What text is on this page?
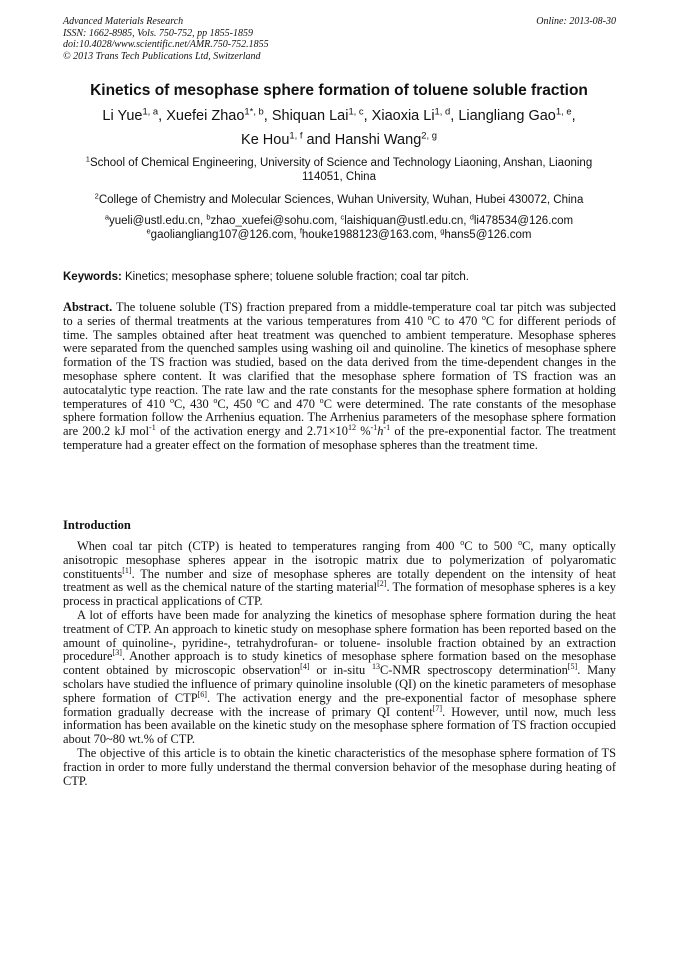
Advanced Materials Research
ISSN: 1662-8985, Vols. 750-752, pp 1855-1859
doi:10.4028/www.scientific.net/AMR.750-752.1855
© 2013 Trans Tech Publications Ltd, Switzerland
Online: 2013-08-30
Kinetics of mesophase sphere formation of toluene soluble fraction
Li Yue$^{1, a}$, Xuefei Zhao$^{1*, b}$, Shiquan Lai$^{1, c}$, Xiaoxia Li$^{1, d}$, Liangliang Gao$^{1, e}$,
Ke Hou$^{1, f}$ and Hanshi Wang$^{2, g}$
$^1$School of Chemical Engineering, University of Science and Technology Liaoning, Anshan, Liaoning
114051, China
$^2$College of Chemistry and Molecular Sciences, Wuhan University, Wuhan, Hubei 430072, China
$^a$yueli@ustl.edu.cn, $^b$zhao_xuefei@sohu.com, $^c$laishiquan@ustl.edu.cn, $^d$li478534@126.com
$^e$gaoliangliang107@126.com, $^f$houke1988123@163.com, $^g$hans5@126.com
Keywords: Kinetics; mesophase sphere; toluene soluble fraction; coal tar pitch.
Abstract. The toluene soluble (TS) fraction prepared from a middle-temperature coal tar pitch was subjected to a series of thermal treatments at the various temperatures from 410 $^o$C to 470 $^o$C for different periods of time. The samples obtained after heat treatment was quenched to ambient temperature. Mesophase spheres were separated from the quenched samples using washing oil and quinoline. The kinetics of mesophase sphere formation of the TS fraction was studied, based on the data derived from the time-dependent changes in the mesophase sphere content. It was clarified that the mesophase sphere formation of TS fraction was an autocatalytic type reaction. The rate law and the rate constants for the mesophase sphere formation at holding temperatures of 410 $^o$C, 430 $^o$C, 450 $^o$C and 470 $^o$C were determined. The rate constants of the mesophase sphere formation follow the Arrhenius equation. The Arrhenius parameters of the mesophase sphere formation are 200.2 kJ mol$^{-1}$ of the activation energy and $2.71\times 10^{12}$ $\%^{-1}h^{-1}$ of the pre-exponential factor. The treatment temperature had a greater effect on the formation of mesophase spheres than the treatment time.
Introduction

When coal tar pitch (CTP) is heated to temperatures ranging from 400 $^o$C to 500 $^o$C, many optically anisotropic mesophase spheres appear in the isotropic matrix due to polymerization of polyaromatic constituents[1]. The number and size of mesophase spheres are totally dependent on the intensity of heat treatment as well as the chemical nature of the starting material[2]. The formation of mesophase spheres is a key process in practical applications of CTP.

A lot of efforts have been made for analyzing the kinetics of mesophase sphere formation during the heat treatment of CTP. An approach to kinetic study on mesophase sphere formation has been reported based on the amount of quinoline-, pyridine-, tetrahydrofuran- or toluene- insoluble fraction obtained by an extraction procedure[3]. Another approach is to study kinetics of mesophase sphere formation based on the mesophase content obtained by microscopic observation[4] or in-situ $^{13}$C-NMR spectroscopy determination[5]. Many scholars have studied the influence of primary quinoline insoluble (QI) on the kinetic parameters of mesophase sphere formation of CTP[6]. The activation energy and the pre-exponential factor of mesophase sphere formation gradually decrease with the increase of primary QI content[7]. However, until now, much less information has been available on the kinetic study on the mesophase sphere formation of TS fraction occupied about 70~80 wt.% of CTP.

The objective of this article is to obtain the kinetic characteristics of the mesophase sphere formation of TS fraction in order to more fully understand the thermal conversion behavior of the mesophase during heating of CTP.
